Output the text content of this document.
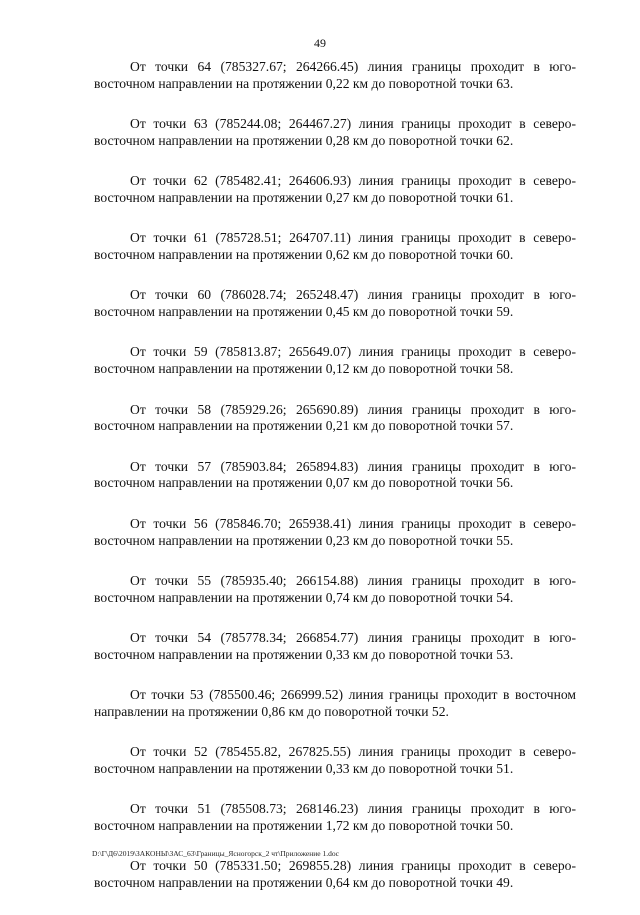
49

От точки 64 (785327.67; 264266.45) линия границы проходит в юго-
восточном направлении на протяжении 0,22 км до поворотной точки 63.

От точки 63 (785244.08; 264467.27) линия границы проходит в северо-
восточном направлении на протяжении 0,28 км до поворотной точки 62.

От точки 62 (785482.41; 264606.93) линия границы проходит в северо-
восточном направлении на протяжении 0,27 км до поворотной точки 61.

От точки 61 (785728.51; 264707.11) линия границы проходит в северо-
восточном направлении на протяжении 0,62 км до поворотной точки 60.

От точки 60 (786028.74; 265248.47) линия границы проходит в юго-
восточном направлении на протяжении 0,45 км до поворотной точки 59.

От точки 59 (785813.87; 265649.07) линия границы проходит в северо-
восточном направлении на протяжении 0,12 км до поворотной точки 58.

От точки 58 (785929.26; 265690.89) линия границы проходит в юго-
восточном направлении на протяжении 0,21 км до поворотной точки 57.

От точки 57 (785903.84; 265894.83) линия границы проходит в юго-
восточном направлении на протяжении 0,07 км до поворотной точки 56.

От точки 56 (785846.70; 265938.41) линия границы проходит в северо-
восточном направлении на протяжении 0,23 км до поворотной точки 55.

От точки 55 (785935.40; 266154.88) линия границы проходит в юго-
восточном направлении на протяжении 0,74 км до поворотной точки 54.

От точки 54 (785778.34; 266854.77) линия границы проходит в юго-
восточном направлении на протяжении 0,33 км до поворотной точки 53.

От точки 53 (785500.46; 266999.52) линия границы проходит в восточном
направлении на протяжении 0,86 км до поворотной точки 52.

От точки 52 (785455.82, 267825.55) линия границы проходит в северо-
восточном направлении на протяжении 0,33 км до поворотной точки 51.

От точки 51 (785508.73; 268146.23) линия границы проходит в юго-
восточном направлении на протяжении 1,72 км до поворотной точки 50.

От точки 50 (785331.50; 269855.28) линия границы проходит в северо-
восточном направлении на протяжении 0,64 км до поворотной точки 49.

D:\Г\Д6\2019\ЗАКОНЫ\ЗАС_63\Границы_Ясногорск_2 чт\Приложение 1.doc
